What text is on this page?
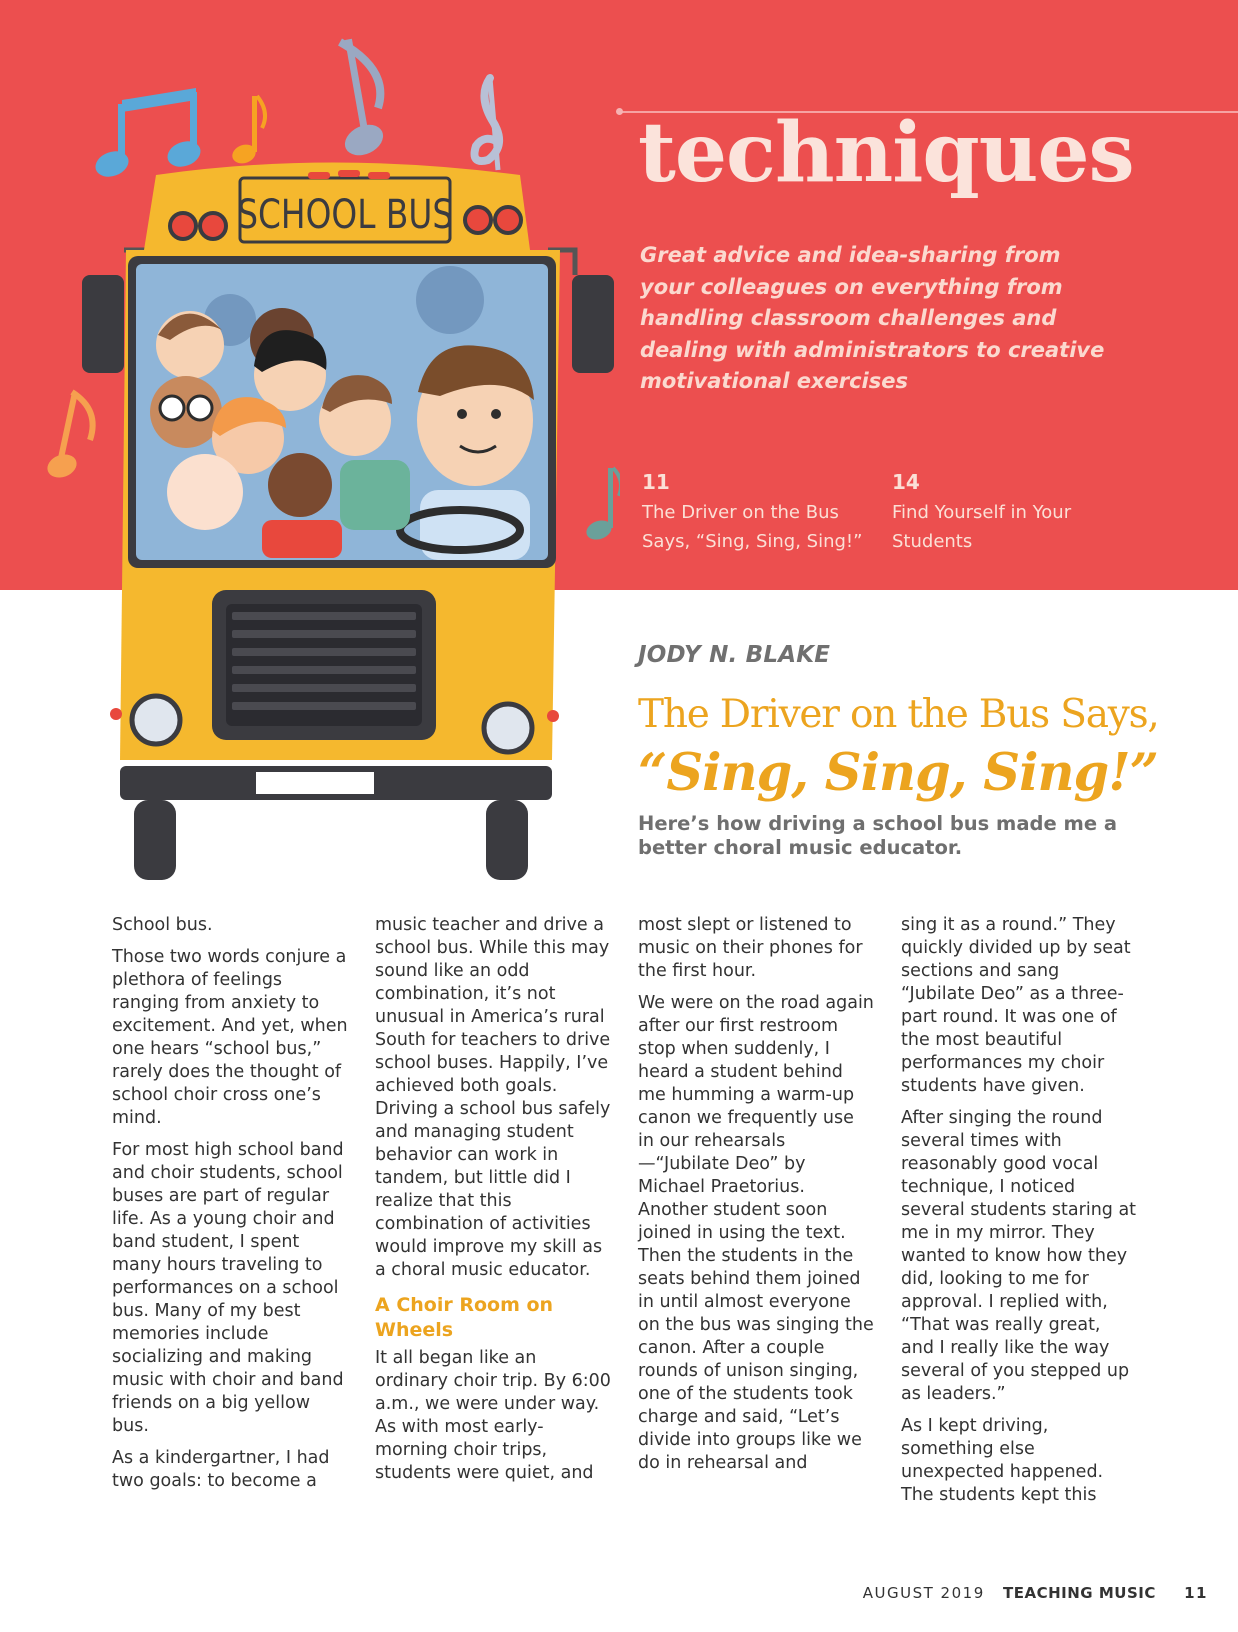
SCHOOL BUS
techniques
Great advice and idea-sharing from your colleagues on everything from handling classroom challenges and dealing with administrators to creative motivational exercises
11
The Driver on the Bus Says, “Sing, Sing, Sing!”
14
Find Yourself in Your Students
JODY N. BLAKE
The Driver on the Bus Says,
“Sing, Sing, Sing!”
Here’s how driving a school bus made me a better choral music educator.

School bus.

Those two words conjure a plethora of feelings ranging from anxiety to excitement. And yet, when one hears “school bus,” rarely does the thought of school choir cross one’s mind.

For most high school band and choir students, school buses are part of regular life. As a young choir and band student, I spent many hours traveling to performances on a school bus. Many of my best memories include socializing and making music with choir and band friends on a big yellow bus.

As a kindergartner, I had two goals: to become a

music teacher and drive a school bus. While this may sound like an odd combination, it’s not unusual in America’s rural South for teachers to drive school buses. Happily, I’ve achieved both goals. Driving a school bus safely and managing student behavior can work in tandem, but little did I realize that this combination of activities would improve my skill as a choral music educator.

A Choir Room on Wheels

It all began like an ordinary choir trip. By 6:00 a.m., we were under way. As with most early-morning choir trips, students were quiet, and

most slept or listened to music on their phones for the first hour.

We were on the road again after our first restroom stop when suddenly, I heard a student behind me humming a warm-up canon we frequently use in our rehearsals —“Jubilate Deo” by Michael Praetorius. Another student soon joined in using the text. Then the students in the seats behind them joined in until almost everyone on the bus was singing the canon. After a couple rounds of unison singing, one of the students took charge and said, “Let’s divide into groups like we do in rehearsal and

sing it as a round.” They quickly divided up by seat sections and sang “Jubilate Deo” as a three-part round. It was one of the most beautiful performances my choir students have given.

After singing the round several times with reasonably good vocal technique, I noticed several students staring at me in my mirror. They wanted to know how they did, looking to me for approval. I replied with, “That was really great, and I really like the way several of you stepped up as leaders.”

As I kept driving, something else unexpected happened. The students kept this

AUGUST 2019 TEACHING MUSIC 11
